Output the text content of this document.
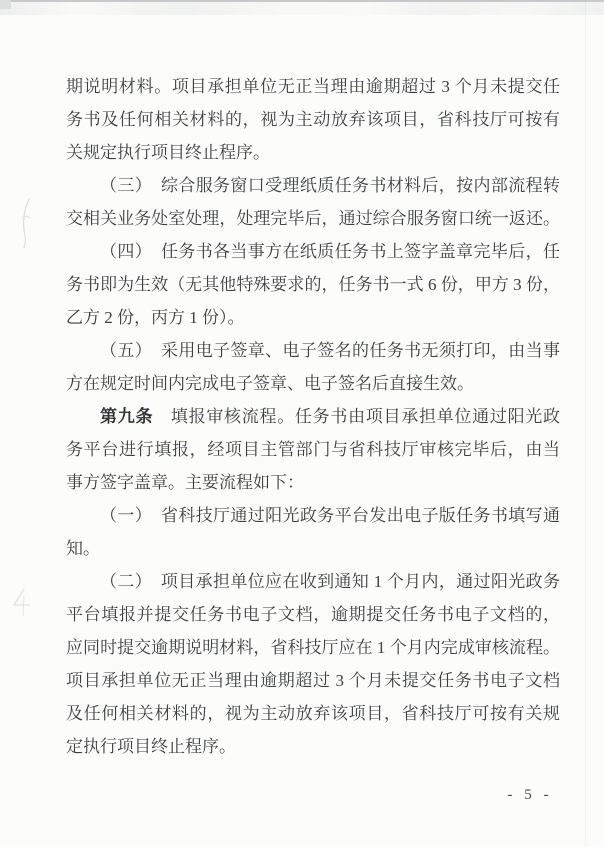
期说明材料。项目承担单位无正当理由逾期超过 3 个月未提交任
务书及任何相关材料的，视为主动放弃该项目，省科技厅可按有
关规定执行项目终止程序。
（三）　综合服务窗口受理纸质任务书材料后，按内部流程转
交相关业务处室处理，处理完毕后，通过综合服务窗口统一返还。
（四）　任务书各当事方在纸质任务书上签字盖章完毕后，任
务书即为生效（无其他特殊要求的，任务书一式 6 份，甲方 3 份，
乙方 2 份，丙方 1 份）。
（五）　采用电子签章、电子签名的任务书无须打印，由当事
方在规定时间内完成电子签章、电子签名后直接生效。
第九条　填报审核流程。任务书由项目承担单位通过阳光政
务平台进行填报，经项目主管部门与省科技厅审核完毕后，由当
事方签字盖章。主要流程如下：
（一）　省科技厅通过阳光政务平台发出电子版任务书填写通
知。
（二）　项目承担单位应在收到通知 1 个月内，通过阳光政务
平台填报并提交任务书电子文档，逾期提交任务书电子文档的，
应同时提交逾期说明材料，省科技厅应在 1 个月内完成审核流程。
项目承担单位无正当理由逾期超过 3 个月未提交任务书电子文档
及任何相关材料的，视为主动放弃该项目，省科技厅可按有关规
定执行项目终止程序。
- 5 -
